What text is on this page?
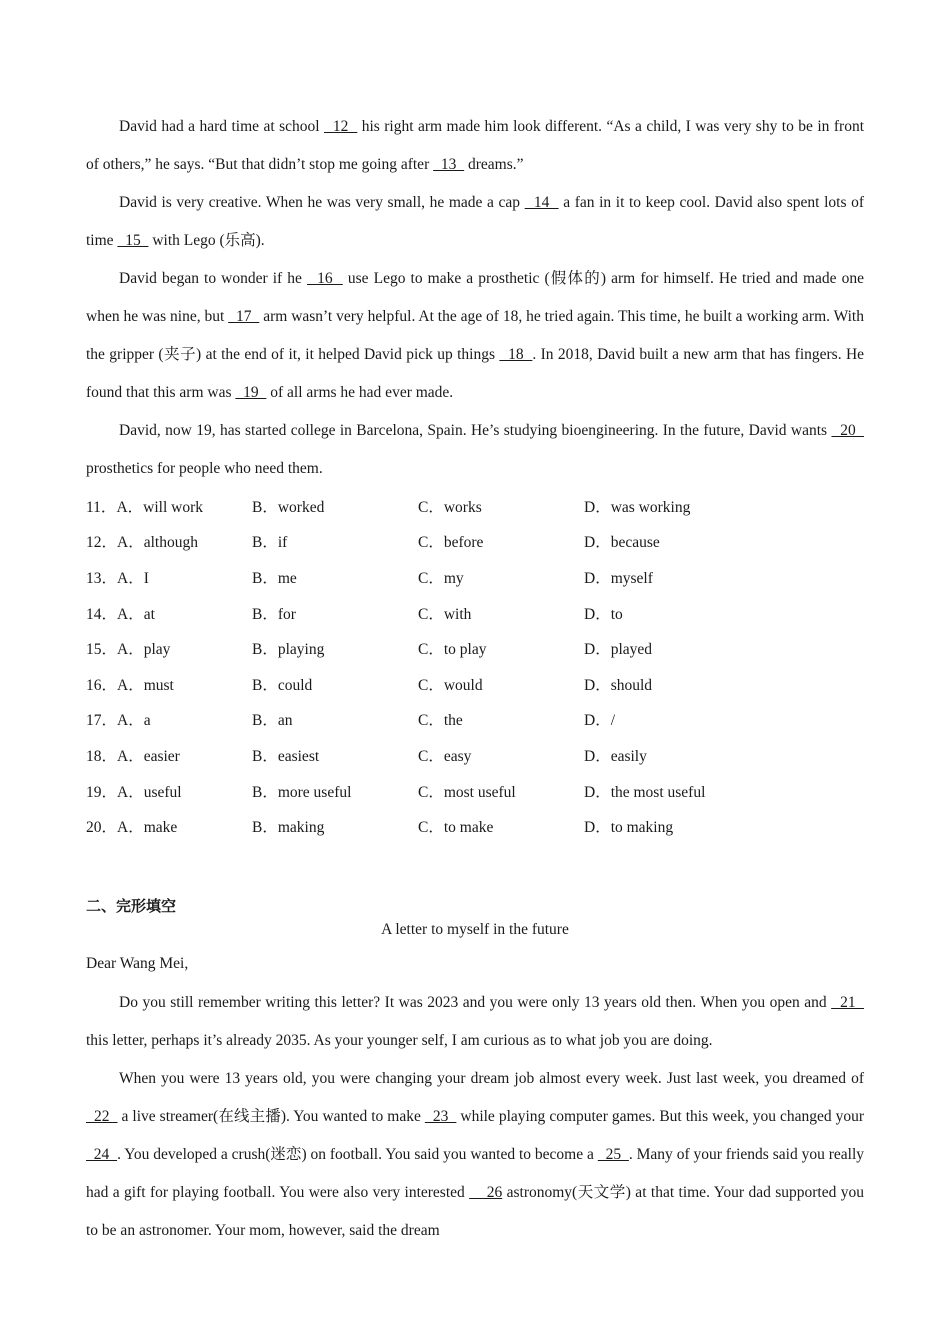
David had a hard time at school   12   his right arm made him look different. “As a child, I was very shy to be in front of others,” he says. “But that didn’t stop me going after   13   dreams.”

David is very creative. When he was very small, he made a cap   14   a fan in it to keep cool. David also spent lots of time   15   with Lego (乐高).

David began to wonder if he   16   use Lego to make a prosthetic (假体的) arm for himself. He tried and made one when he was nine, but   17   arm wasn’t very helpful. At the age of 18, he tried again. This time, he built a working arm. With the gripper (夹子) at the end of it, it helped David pick up things   18  . In 2018, David built a new arm that has fingers. He found that this arm was   19   of all arms he had ever made.

David, now 19, has started college in Barcelona, Spain. He’s studying bioengineering. In the future, David wants   20   prosthetics for people who need them.

11．A．will work	B．worked	C．works	D．was working
12．A．although	B．if	C．before	D．because
13．A．I	B．me	C．my	D．myself
14．A．at	B．for	C．with	D．to
15．A．play	B．playing	C．to play	D．played
16．A．must	B．could	C．would	D．should
17．A．a	B．an	C．the	D．/
18．A．easier	B．easiest	C．easy	D．easily
19．A．useful	B．more useful	C．most useful	D．the most useful
20．A．make	B．making	C．to make	D．to making
二、完形填空
A letter to myself in the future
Dear Wang Mei,

Do you still remember writing this letter? It was 2023 and you were only 13 years old then. When you open and   21   this letter, perhaps it’s already 2035. As your younger self, I am curious as to what job you are doing.

When you were 13 years old, you were changing your dream job almost every week. Just last week, you dreamed of   22   a live streamer(在线主播). You wanted to make   23   while playing computer games. But this week, you changed your   24  . You developed a crush(迷恋) on football. You said you wanted to become a   25  . Many of your friends said you really had a gift for playing football. You were also very interested     26 astronomy(天文学) at that time. Your dad supported you to be an astronomer. Your mom, however, said the dream
